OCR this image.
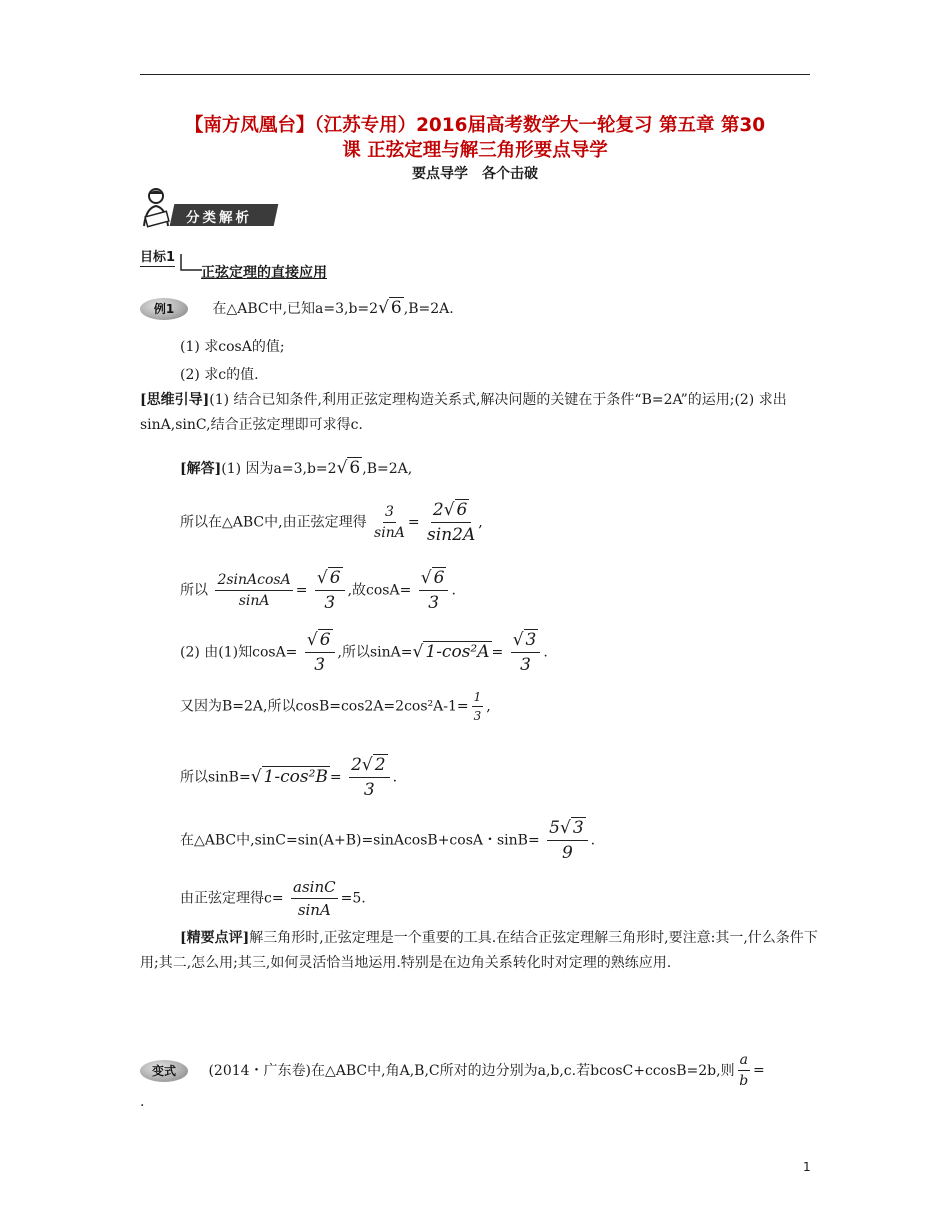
【南方凤凰台】（江苏专用）2016届高考数学大一轮复习 第五章 第30
课 正弦定理与解三角形要点导学
要点导学　各个击破
分类解析
目标1
正弦定理的直接应用
例1	在△ABC中,已知a=3,b=2√ 6 ,B=2A.
(1) 求cosA的值;
(2) 求c的值.
[思维引导](1) 结合已知条件,利用正弦定理构造关系式,解决问题的关键在于条件“B=2A”的运用;(2) 求出sinA,sinC,结合正弦定理即可求得c.
[解答](1) 因为a=3,b=2√ 6 ,B=2A,
所以在△ABC中,由正弦定理得 $\frac{3}{\sin A} = \frac{2√ 6}{\sin 2A}$ ,
所以 $\frac{\text{2sinAcosA}}{\sin A} = \frac{√ 6}{3}$ ,故$\cos A= \frac{√ 6}{3}$ .
(2) 由(1)知$\cos A= \frac{√ 6}{3}$ ,所以sinA=√ $1-\cos^2A = \frac{√ 3}{3}$ .
又因为B=2A,所以$\cos B=\cos 2A=2\cos^2A-1= \frac{1}{3}$ ,
所以sinB=√ $1-\cos^2B = \frac{2√ 2}{3}$ .
在△ABC中,sinC=sin(A+B)=sinAcosB+cosA・$\sin B= \frac{5√ 3}{9}$ .
由正弦定理得$c= \frac{asinC}{\sin A} =5$.
[精要点评]解三角形时,正弦定理是一个重要的工具.在结合正弦定理解三角形时,要注意:其一,什么条件下用;其二,怎么用;其三,如何灵活恰当地运用.特别是在边角关系转化时对定理的熟练应用.
变式 (2014・广东卷)在△ABC中,角A,B,C所对的边分别为a,b,c.若bcosC+ccosB=2b,则 $\frac{a}{b}$ =
.
1
